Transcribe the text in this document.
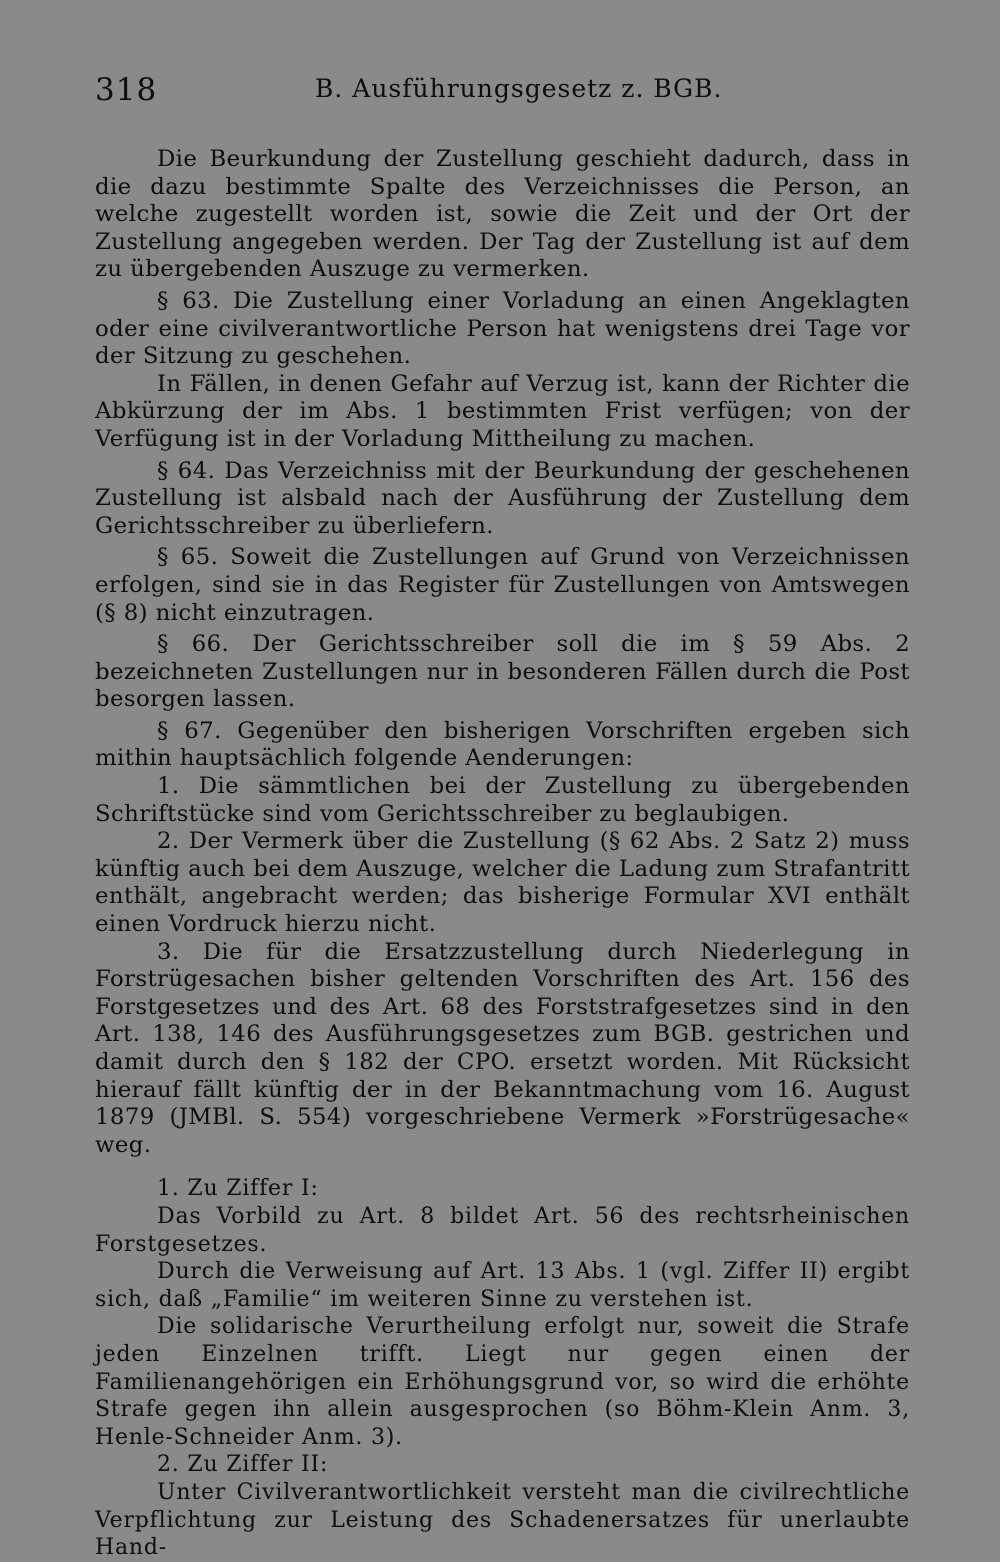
318	B. Ausführungsgesetz z. BGB.

Die Beurkundung der Zustellung geschieht dadurch, dass in die dazu bestimmte Spalte des Verzeichnisses die Person, an welche zugestellt worden ist, sowie die Zeit und der Ort der Zustellung angegeben werden. Der Tag der Zustellung ist auf dem zu übergebenden Auszuge zu vermerken.

§ 63. Die Zustellung einer Vorladung an einen Angeklagten oder eine civilverantwortliche Person hat wenigstens drei Tage vor der Sitzung zu geschehen.

In Fällen, in denen Gefahr auf Verzug ist, kann der Richter die Abkürzung der im Abs. 1 bestimmten Frist verfügen; von der Verfügung ist in der Vorladung Mittheilung zu machen.

§ 64. Das Verzeichniss mit der Beurkundung der geschehenen Zustellung ist alsbald nach der Ausführung der Zustellung dem Gerichtsschreiber zu überliefern.

§ 65. Soweit die Zustellungen auf Grund von Verzeichnissen erfolgen, sind sie in das Register für Zustellungen von Amtswegen (§ 8) nicht einzutragen.

§ 66. Der Gerichtsschreiber soll die im § 59 Abs. 2 bezeichneten Zustellungen nur in besonderen Fällen durch die Post besorgen lassen.

§ 67. Gegenüber den bisherigen Vorschriften ergeben sich mithin hauptsächlich folgende Aenderungen:

1. Die sämmtlichen bei der Zustellung zu übergebenden Schriftstücke sind vom Gerichtsschreiber zu beglaubigen.

2. Der Vermerk über die Zustellung (§ 62 Abs. 2 Satz 2) muss künftig auch bei dem Auszuge, welcher die Ladung zum Strafantritt enthält, angebracht werden; das bisherige Formular XVI enthält einen Vordruck hierzu nicht.

3. Die für die Ersatzzustellung durch Niederlegung in Forstrügesachen bisher geltenden Vorschriften des Art. 156 des Forstgesetzes und des Art. 68 des Forststrafgesetzes sind in den Art. 138, 146 des Ausführungsgesetzes zum BGB. gestrichen und damit durch den § 182 der CPO. ersetzt worden. Mit Rücksicht hierauf fällt künftig der in der Bekanntmachung vom 16. August 1879 (JMBl. S. 554) vorgeschriebene Vermerk »Forstrügesache« weg.

1. Zu Ziffer I:

Das Vorbild zu Art. 8 bildet Art. 56 des rechtsrheinischen Forstgesetzes.

Durch die Verweisung auf Art. 13 Abs. 1 (vgl. Ziffer II) ergibt sich, daß „Familie“ im weiteren Sinne zu verstehen ist.

Die solidarische Verurtheilung erfolgt nur, soweit die Strafe jeden Einzelnen trifft. Liegt nur gegen einen der Familienangehörigen ein Erhöhungsgrund vor, so wird die erhöhte Strafe gegen ihn allein ausgesprochen (so Böhm-Klein Anm. 3, Henle-Schneider Anm. 3).

2. Zu Ziffer II:

Unter Civilverantwortlichkeit versteht man die civilrechtliche Verpflichtung zur Leistung des Schadenersatzes für unerlaubte Hand-
